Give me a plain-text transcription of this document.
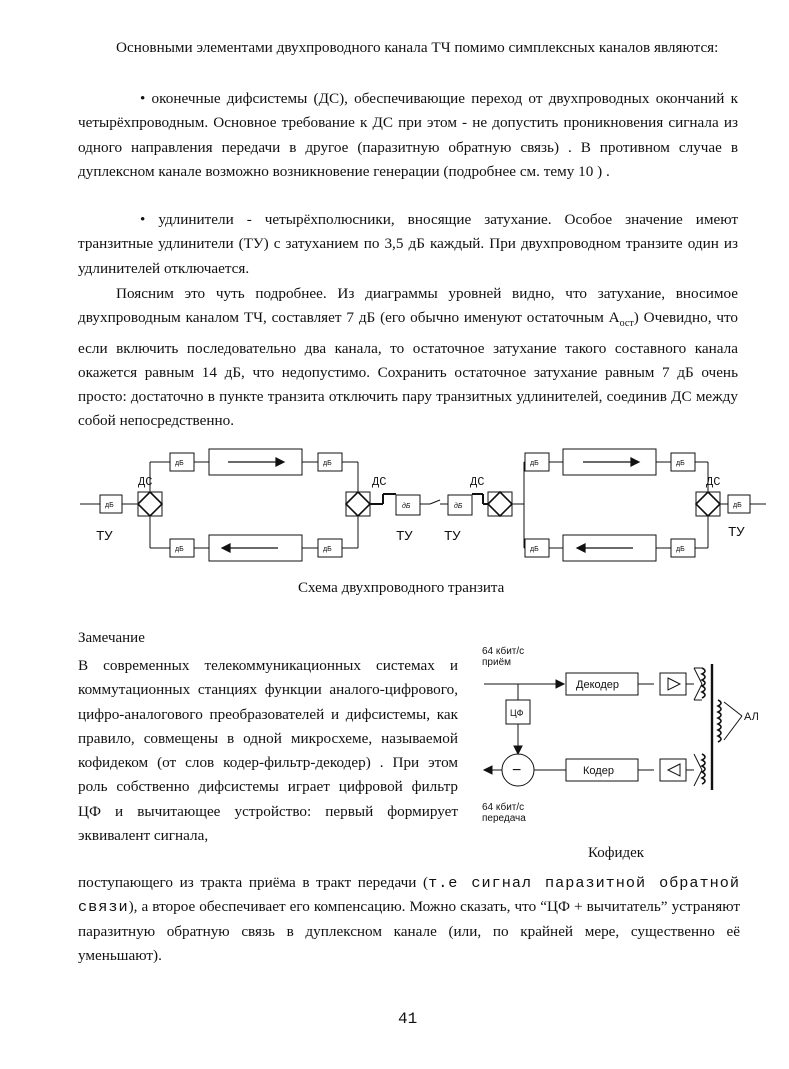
Основными элементами двухпроводного канала ТЧ помимо симплексных каналов являются:
• оконечные дифсистемы (ДС), обеспечивающие переход от двухпроводных окончаний к четырёхпроводным. Основное требование к ДС при этом - не допустить проникновения сигнала из одного направления передачи в другое (паразитную обратную связь) . В противном случае в дуплексном канале возможно возникновение генерации (подробнее см. тему 10 ) .
• удлинители - четырёхполюсники, вносящие затухание. Особое значение имеют транзитные удлинители (ТУ) с затуханием по 3,5 дБ каждый. При двухпроводном транзите один из удлинителей отключается.
Поясним это чуть подробнее. Из диаграммы уровней видно, что затухание, вносимое двухпроводным каналом ТЧ, составляет 7 дБ (его обычно именуют остаточным $А_{ост}$) Очевидно, что если включить последовательно два канала, то остаточное затухание такого составного канала окажется равным 14 дБ, что недопустимо. Сохранить остаточное затухание равным 7 дБ очень просто: достаточно в пункте транзита отключить пару транзитных удлинителей, соединив ДС между собой непосредственно.
дБ
дБ	дБ
дБ	дБ
дБ	дБ
дБ	дБ
дБ	дБ
дБ
ДС	ДС	ДС	ДС
ТУ	ТУ ТУ	ТУ
Схема двухпроводного транзита
Замечание
В современных телекоммуникационных системах и коммутационных станциях функции аналого-цифрового, цифро-аналогового преобразователей и дифсистемы, как правило, совмещены в одной микросхеме, называемой кофидеком (от слов кодер-фильтр-декодер) . При этом роль собственно дифсистемы играет цифровой фильтр ЦФ и вычитающее устройство: первый формирует эквивалент сигнала,
64 кбит/с
приём
64 кбит/с
передача
Декодер
Кодер
ЦФ
−
АЛ
Кофидек
поступающего из тракта приёма в тракт передачи (т.е сигнал паразитной обратной связи), а второе обеспечивает его компенсацию. Можно сказать, что “ЦФ + вычитатель” устраняют паразитную обратную связь в дуплексном канале (или, по крайней мере, существенно её уменьшают).
41
